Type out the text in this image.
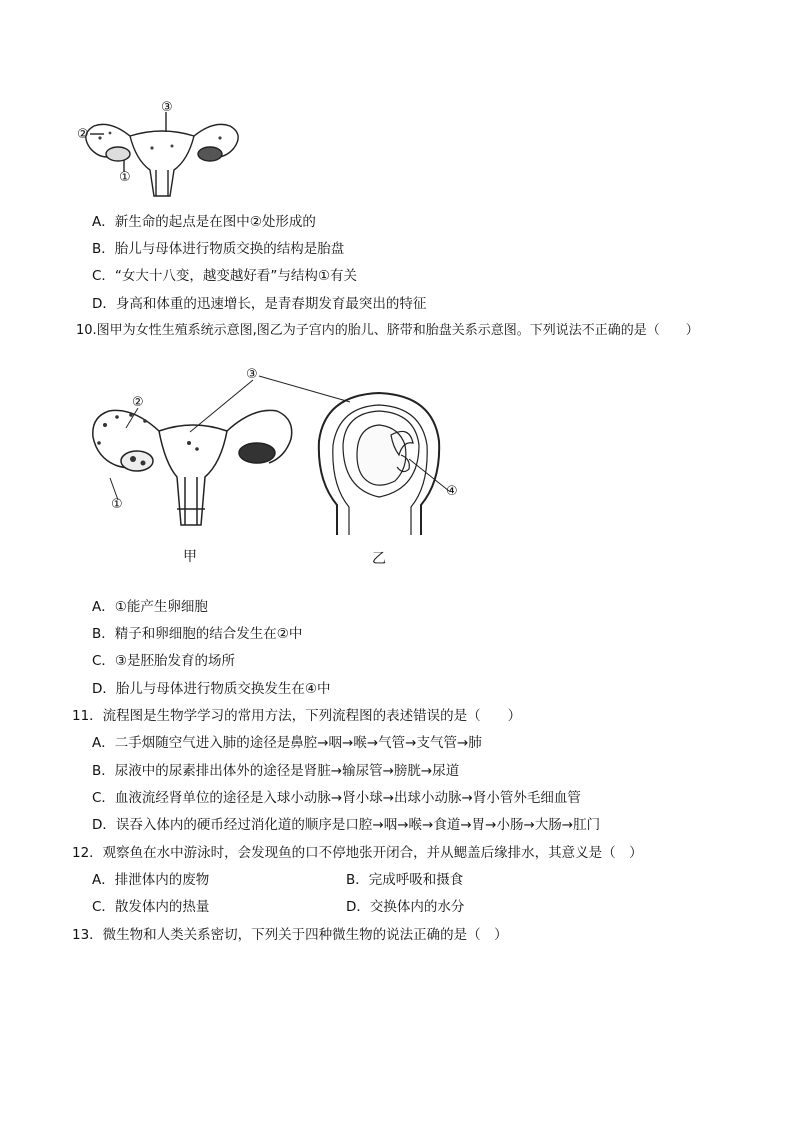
③
②
①
A．新生命的起点是在图中②处形成的
B．胎儿与母体进行物质交换的结构是胎盘
C．“女大十八变，越变越好看”与结构①有关
D．身高和体重的迅速增长，是青春期发育最突出的特征
10.图甲为女性生殖系统示意图,图乙为子宫内的胎儿、脐带和胎盘关系示意图。下列说法不正确的是（　　）
③
②
①
④
甲	乙
A．①能产生卵细胞
B．精子和卵细胞的结合发生在②中
C．③是胚胎发育的场所
D．胎儿与母体进行物质交换发生在④中
11．流程图是生物学学习的常用方法，下列流程图的表述错误的是（　　）
A．二手烟随空气进入肺的途径是鼻腔→咽→喉→气管→支气管→肺
B．尿液中的尿素排出体外的途径是肾脏→输尿管→膀胱→尿道
C．血液流经肾单位的途径是入球小动脉→肾小球→出球小动脉→肾小管外毛细血管
D．误吞入体内的硬币经过消化道的顺序是口腔→咽→喉→食道→胃→小肠→大肠→肛门
12．观察鱼在水中游泳时，会发现鱼的口不停地张开闭合，并从鳃盖后缘排水，其意义是（　）
A．排泄体内的废物	B．完成呼吸和摄食
C．散发体内的热量	D．交换体内的水分
13．微生物和人类关系密切，下列关于四种微生物的说法正确的是（　）
